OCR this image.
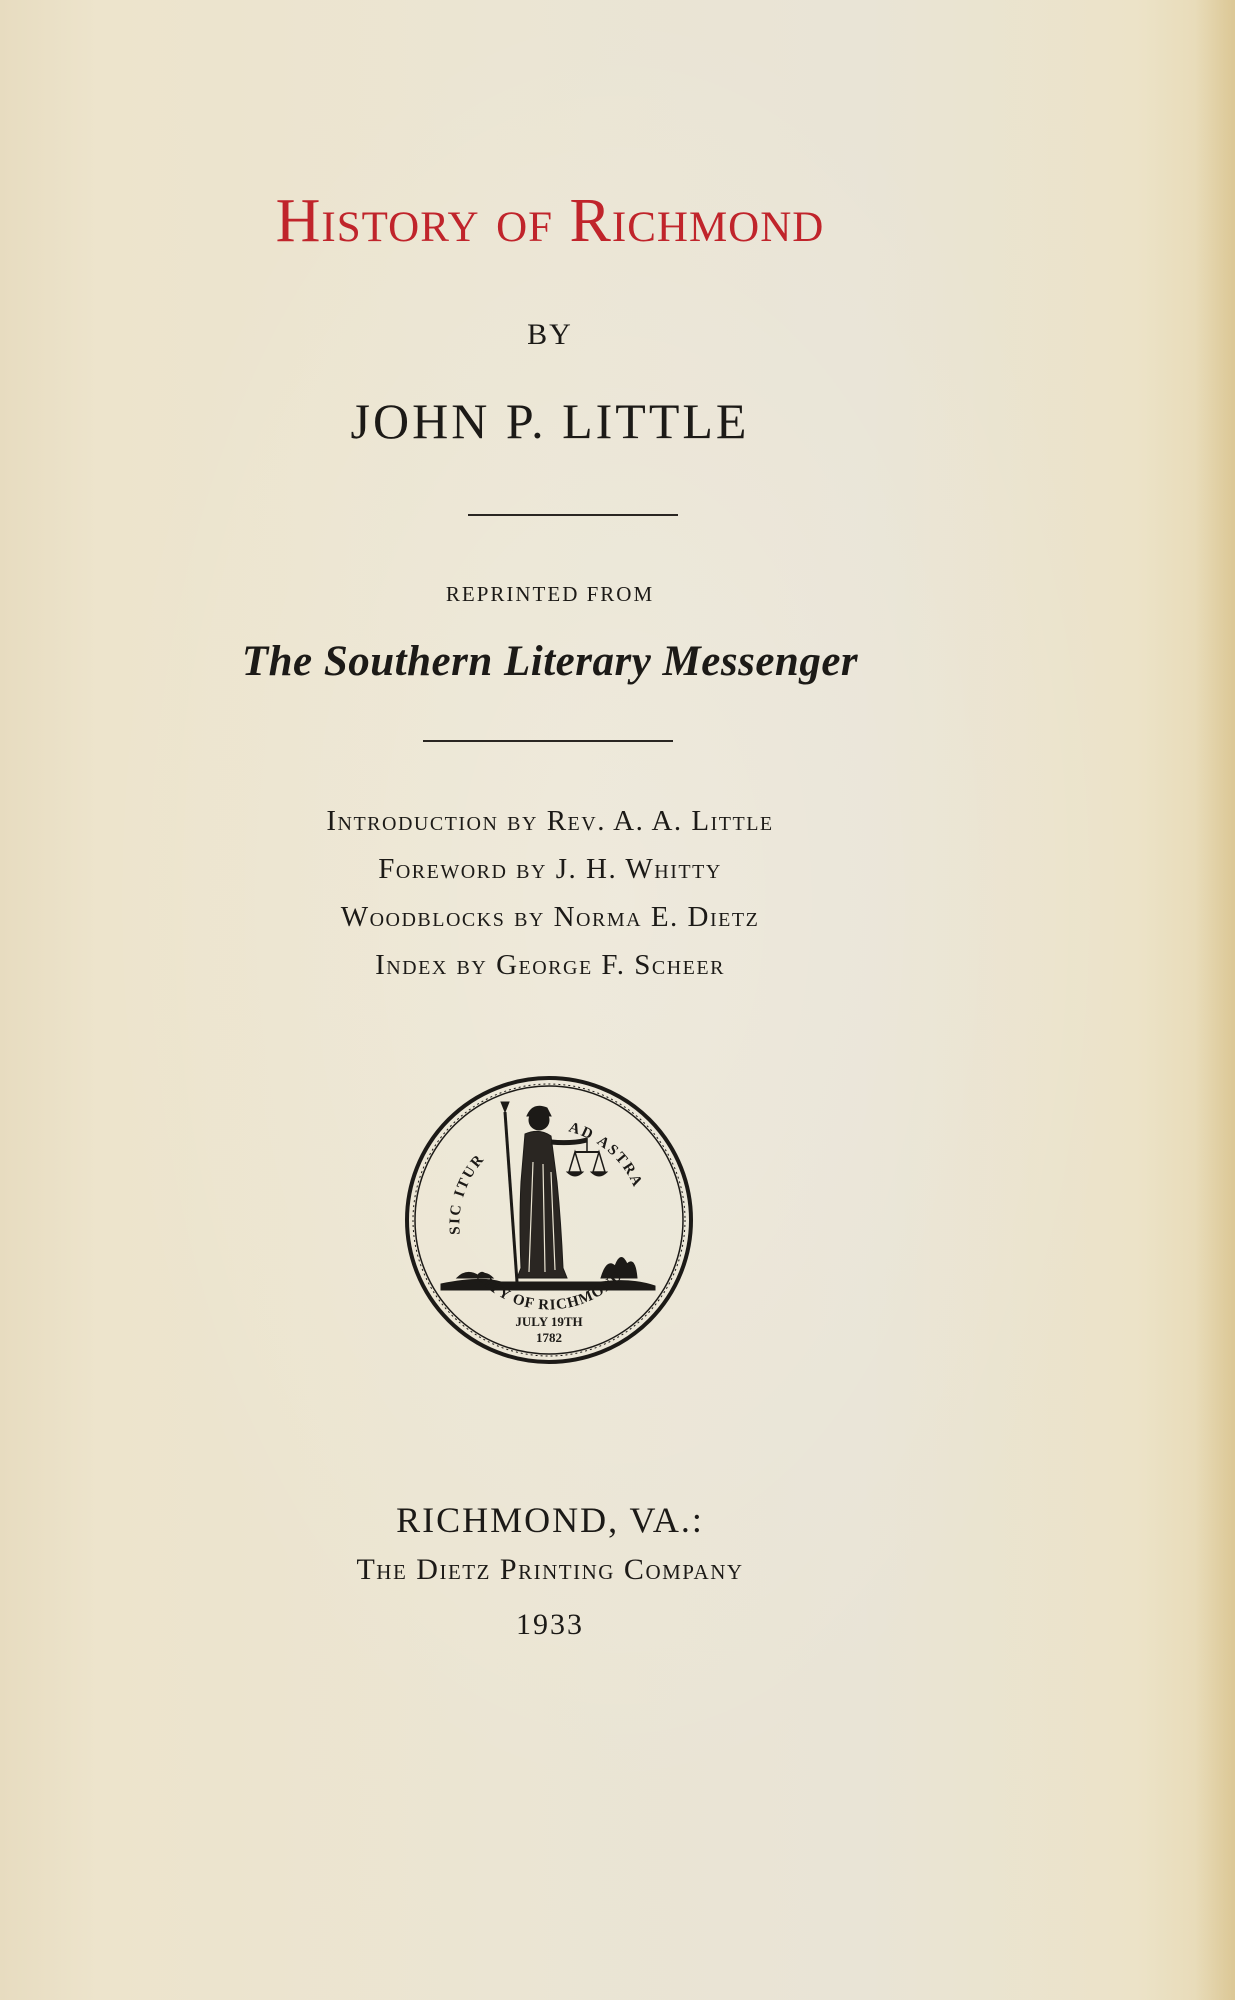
History of Richmond
BY
JOHN P. LITTLE
REPRINTED FROM
The Southern Literary Messenger
Introduction by Rev. A. A. Little
Foreword by J. H. Whitty
Woodblocks by Norma E. Dietz
Index by George F. Scheer
SIC ITUR
AD ASTRA
CITY OF RICHMOND
JULY 19TH
1782
RICHMOND, VA.:
The Dietz Printing Company
1933
